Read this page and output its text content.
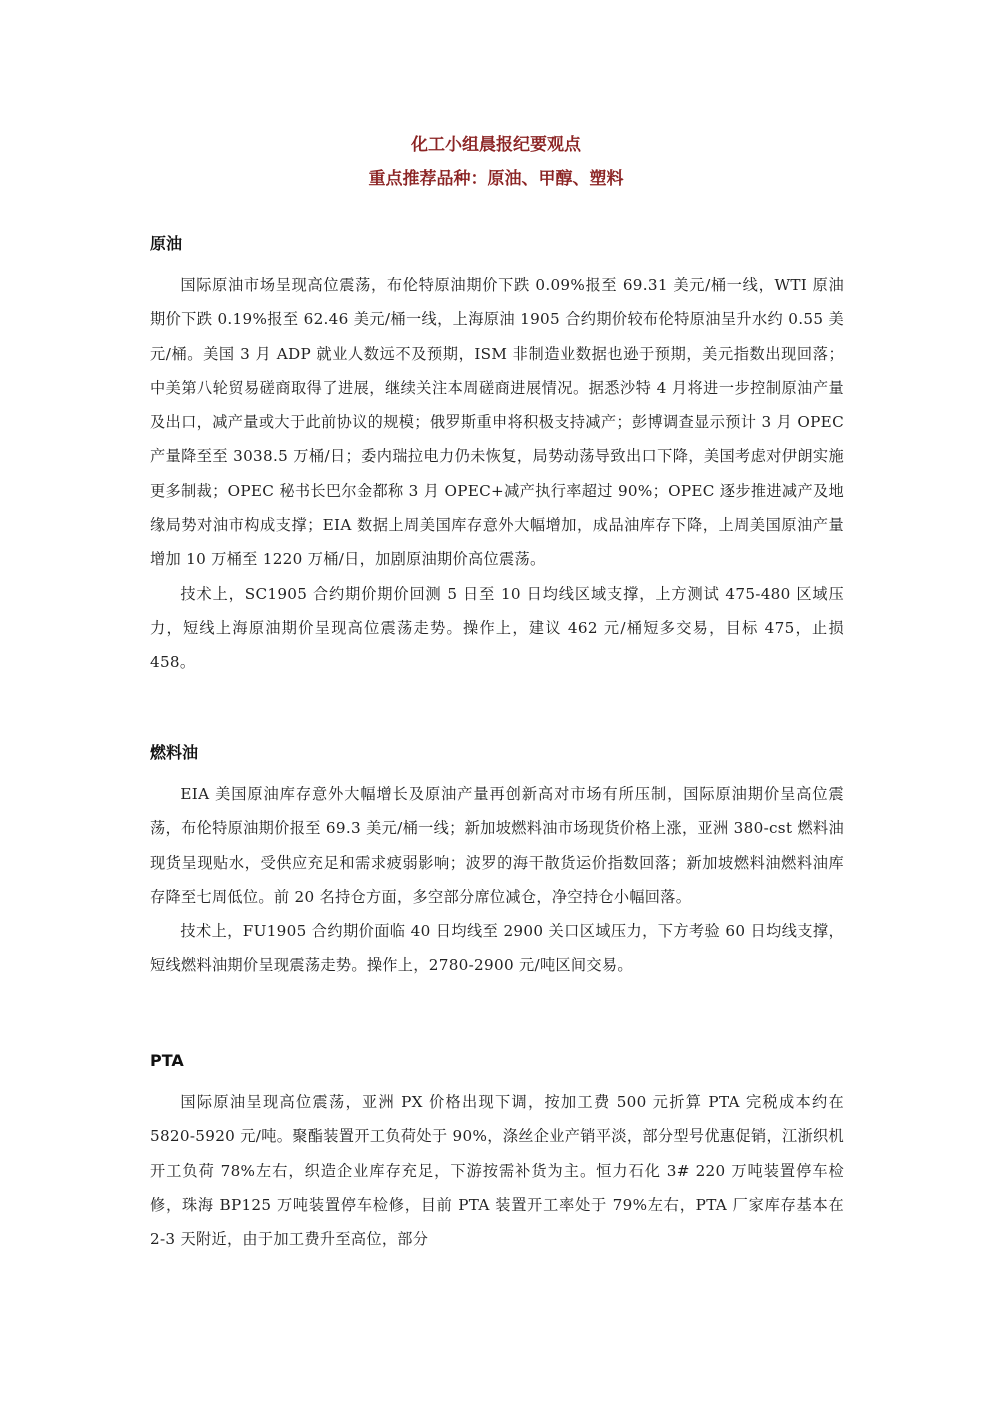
化工小组晨报纪要观点

重点推荐品种：原油、甲醇、塑料

原油

国际原油市场呈现高位震荡，布伦特原油期价下跌 0.09%报至 69.31 美元/桶一线，WTI 原油期价下跌 0.19%报至 62.46 美元/桶一线，上海原油 1905 合约期价较布伦特原油呈升水约 0.55 美元/桶。美国 3 月 ADP 就业人数远不及预期，ISM 非制造业数据也逊于预期，美元指数出现回落；中美第八轮贸易磋商取得了进展，继续关注本周磋商进展情况。据悉沙特 4 月将进一步控制原油产量及出口，减产量或大于此前协议的规模；俄罗斯重申将积极支持减产；彭博调查显示预计 3 月 OPEC 产量降至至 3038.5 万桶/日；委内瑞拉电力仍未恢复，局势动荡导致出口下降，美国考虑对伊朗实施更多制裁；OPEC 秘书长巴尔金都称 3 月 OPEC+减产执行率超过 90%；OPEC 逐步推进减产及地缘局势对油市构成支撑；EIA 数据上周美国库存意外大幅增加，成品油库存下降，上周美国原油产量增加 10 万桶至 1220 万桶/日，加剧原油期价高位震荡。

技术上，SC1905 合约期价期价回测 5 日至 10 日均线区域支撑，上方测试 475-480 区域压力，短线上海原油期价呈现高位震荡走势。操作上，建议 462 元/桶短多交易，目标 475，止损 458。

燃料油

EIA 美国原油库存意外大幅增长及原油产量再创新高对市场有所压制，国际原油期价呈高位震荡，布伦特原油期价报至 69.3 美元/桶一线；新加坡燃料油市场现货价格上涨，亚洲 380-cst 燃料油现货呈现贴水，受供应充足和需求疲弱影响；波罗的海干散货运价指数回落；新加坡燃料油燃料油库存降至七周低位。前 20 名持仓方面，多空部分席位减仓，净空持仓小幅回落。

技术上，FU1905 合约期价面临 40 日均线至 2900 关口区域压力，下方考验 60 日均线支撑，短线燃料油期价呈现震荡走势。操作上，2780-2900 元/吨区间交易。

PTA

国际原油呈现高位震荡，亚洲 PX 价格出现下调，按加工费 500 元折算 PTA 完税成本约在 5820-5920 元/吨。聚酯装置开工负荷处于 90%，涤丝企业产销平淡，部分型号优惠促销，江浙织机开工负荷 78%左右，织造企业库存充足，下游按需补货为主。恒力石化 3# 220 万吨装置停车检修，珠海 BP125 万吨装置停车检修，目前 PTA 装置开工率处于 79%左右，PTA 厂家库存基本在 2-3 天附近，由于加工费升至高位，部分
